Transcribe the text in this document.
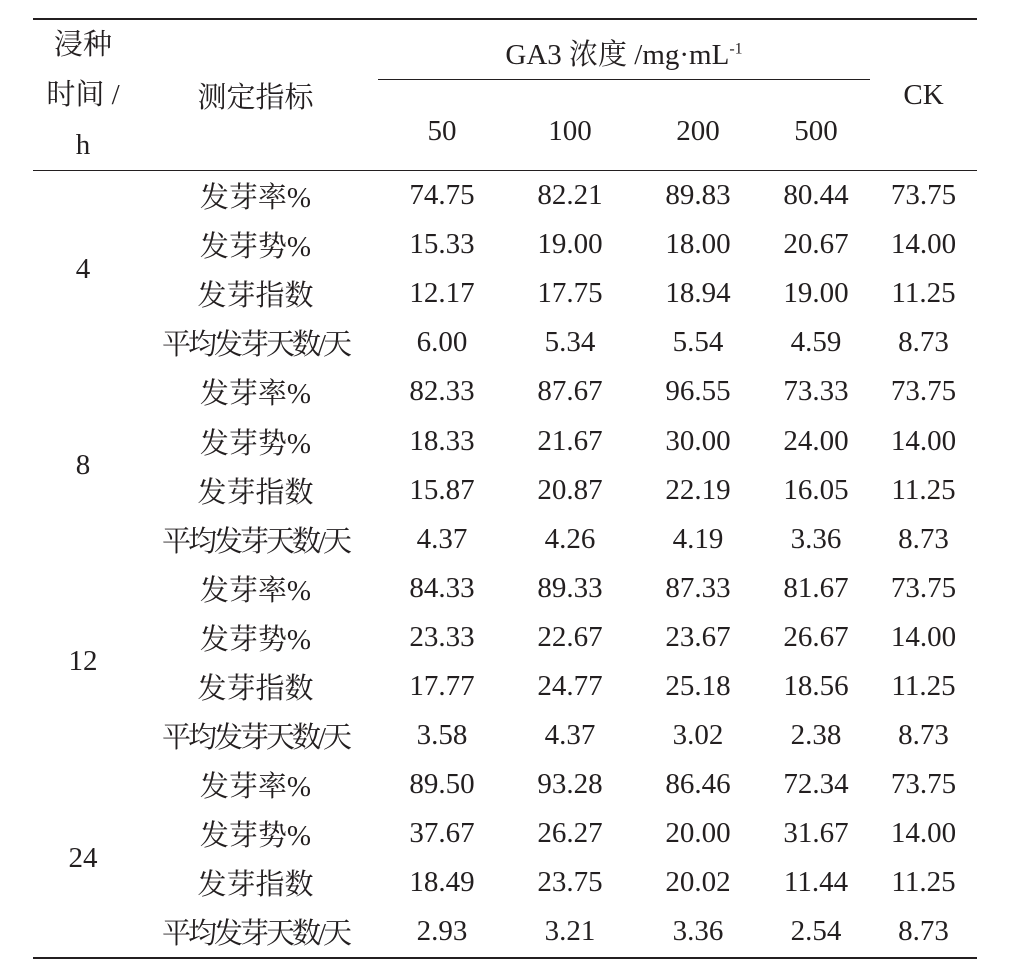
浸种时间 /h	测定指标	GA3 浓度 $/mg\cdot mL^{-1}$				CK
		50	100	200	500	
4	发芽率%	74.75	82.21	89.83	80.44	73.75
	发芽势%	15.33	19.00	18.00	20.67	14.00
	发芽指数	12.17	17.75	18.94	19.00	11.25
	平均发芽天数/天	6.00	5.34	5.54	4.59	8.73
8	发芽率%	82.33	87.67	96.55	73.33	73.75
	发芽势%	18.33	21.67	30.00	24.00	14.00
	发芽指数	15.87	20.87	22.19	16.05	11.25
	平均发芽天数/天	4.37	4.26	4.19	3.36	8.73
12	发芽率%	84.33	89.33	87.33	81.67	73.75
	发芽势%	23.33	22.67	23.67	26.67	14.00
	发芽指数	17.77	24.77	25.18	18.56	11.25
	平均发芽天数/天	3.58	4.37	3.02	2.38	8.73
24	发芽率%	89.50	93.28	86.46	72.34	73.75
	发芽势%	37.67	26.27	20.00	31.67	14.00
	发芽指数	18.49	23.75	20.02	11.44	11.25
	平均发芽天数/天	2.93	3.21	3.36	2.54	8.73
